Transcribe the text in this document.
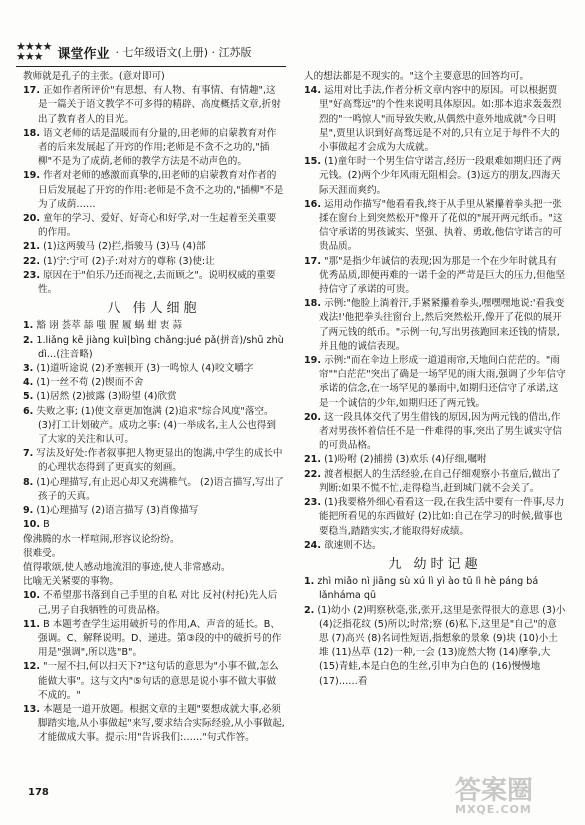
★★★★
★★★	课堂作业 · 七年级语文(上册) · 江苏版
教师就是孔子的主张。(意对即可)
17. 正如作者所评价"有思想、有人物、有事情、有情趣",这是一篇关于语文教学不可多得的精辟、高度概括文章,折射出了教育者人的目光。
18. 语文老师的话是温暖而有分量的,田老师的启蒙教育对作者的后来发展起了开窍的作用;老师是不贪不之功的,"插柳"不是为了成荫,老师的教学方法是不动声色的。
19. 作者对老师的感激而真挚的,田老师的启蒙教育对作者的日后发展起了开窍的作用:老师是不贪不之功的,"插柳"不是为了成荫……
20. 童年的学习、爱好、好奇心和好学,对一生起着至关重要的作用。
21. (1)这两骏马 (2)拦,指骏马 (3)马 (4)部
22. (1)宁:宁可 (2)子:对对方的尊称 (3)使:让
23. 原因在于"伯乐乃还而视之,去而顾之"。说明权威的重要性。
八 伟人细胞
1. 豁 诩 荟萃 舔 嗤 腥 履 蜗 蚶 衷 蒜
2. 1.liǎng kē jiàng kuì|bìng chǎng:jué pǎ(拼音)/shū zhù dì…(注音略)
3. (1)道听途说 (2)矛塞顿开 (3)一鸣惊人 (4)咬文嚼字
4. (1)一丝不苟 (2)锲而不舍
5. (1)居然 (2)披露 (3)盼望 (4)欣赏
6. 失败之事; (1)使文章更加饱满 (2)追求"综合风度"落空。(3)打工计划破产。成功之事: (4)一举成名,主人公也得到了大家的关注和认可。
7. 写法及好处:作者叙事把人物更显出的饱满,中学生的成长中的心理状态得到了更真实的刻画。
8. (1)心理描写,有止迟心却又充满稚气。 (2)语言描写,写出了孩子的天真。
9. (1)心理描写 (2)语言描写 (3)肖像描写
10. B
像沸腾的水一样喧闹,形容议论纷纷。
很难受。
值得歌颂,使人感动地流泪的事迹,使人非常感动。
比喻无关紧要的事物。
10. 不希望那书落到自己手里的自私 对比 反衬(村托)先人后己,男子自我牺牲的可贵品格。
11. B 本题考查学生运用破折号的作用,A、声音的延长。B、强调。C、解释说明。D、递进。第③段的中的破折号的作用是"强调",所以选"B"。
12. "一屋不扫,何以扫天下?"这句话的意思为"小事不做,怎么能做大事"。这与文内"⑤句话的意思是说小事不做大事做不成的。"
13. 本题是一道开放题。根据文章的主题"要想成就大事,必须脚踏实地,从小事做起"来写,要求结合实际经验,从小事做起,才能做成大事。提示:用"告诉我们:……"句式作答。
人的想法都是不现实的。"这个主要意思的回答均可。
14. 运用对比手法,作者分析文章内容中的原因。可以根据贾里"好高骛远"的个性来说明具体原因。如:那本追求轰轰烈烈的"一鸣惊人"而导致失败,从偶然中意外地成就"今日明星",贾里认识到好高骛远是不对的,只有立足于每件不大的小事做起才会成为大成就。
15. (1)童年时一个男生信守诺言,经历一段艰难如期归还了两元钱。(2)两个少年风雨无阻相会。(3)远方的朋友,四海天际天涯而爽约。
16. 运用动作描写"他看看我,终于从手里从紧攥着拳头把一张揉在窗台上到突然松开"像开了花似的"展开两元纸币。"这信守承诺的男孩诚实、坚强、执着、勇敢,他信守诺言的可贵品质。
17. "那"是指少年诚信的表现;因为那是一个在少年时就具有优秀品质,即便再难的一诺千金的严苛是巨大的压力,但他坚持信守了承诺的可贵。
18. 示例:"他脸上淌着汗,手紧紧攥着拳头,嘿嘿嘿地说:'看我变戏法!'他把拳头往窗台上,然后突然松开,像开了花似的展开了两元钱的纸币。"示例一句,写出男孩跑回来还钱的情景,并且他的诚信表现。
19. 示例:"而在伞边上形成一道道雨帘,天地间白茫茫的。"雨帘""白茫茫"突出了确是一场罕见的雨大雨,强调了少年信守承诺的信念,在一场罕见的暴雨中,如期归还信守了承诺,这是一个诚信的少年,如期归还了两元钱。
20. 这一段具体交代了男生借钱的原因,因为两元钱的借出,作者对男孩怀着信任不是一件难得的事,突出了男生诚实守信的可贵品格。
21. (1)吩咐 (2)捕捞 (3)欢乐 (4)仔细,嘱咐
22. 渡者根据人的生活经验,在自己仔细观察小书童后,做出了判断:如果不慌不忙,走得稳当,赶到城门就不会关了。
23. (1)我要格外细心看看这一段,在我生活中要有一件事,尽力能把所看见的东西做好 (2)比如:自己在学习的时候,做事也要稳当,踏踏实实,才能取得好成绩。
24. 欲速则不达。
九 幼时记趣
1. zhì miǎo nì jiāng sù xú lì yì ào tū lì hè páng bá lǎnháma qū
2. (1)幼小 (2)明察秋毫,张,张开,这里是张得很大的意思 (3)小 (4)泛指花纹 (5)所以;时常;察 (6)私下,这里是"自己"的意思 (7)高兴 (8)名词性短语,指想象的景象 (9)块 (10)小土堆 (11)丛草 (12)一种,一会 (13)庞然大物 (14)摩拳,大 (15)青蛙,本是白色的生丝,引申为白色的 (16)慢慢地 (17)……看
178	答案圈
MXQE.COM
